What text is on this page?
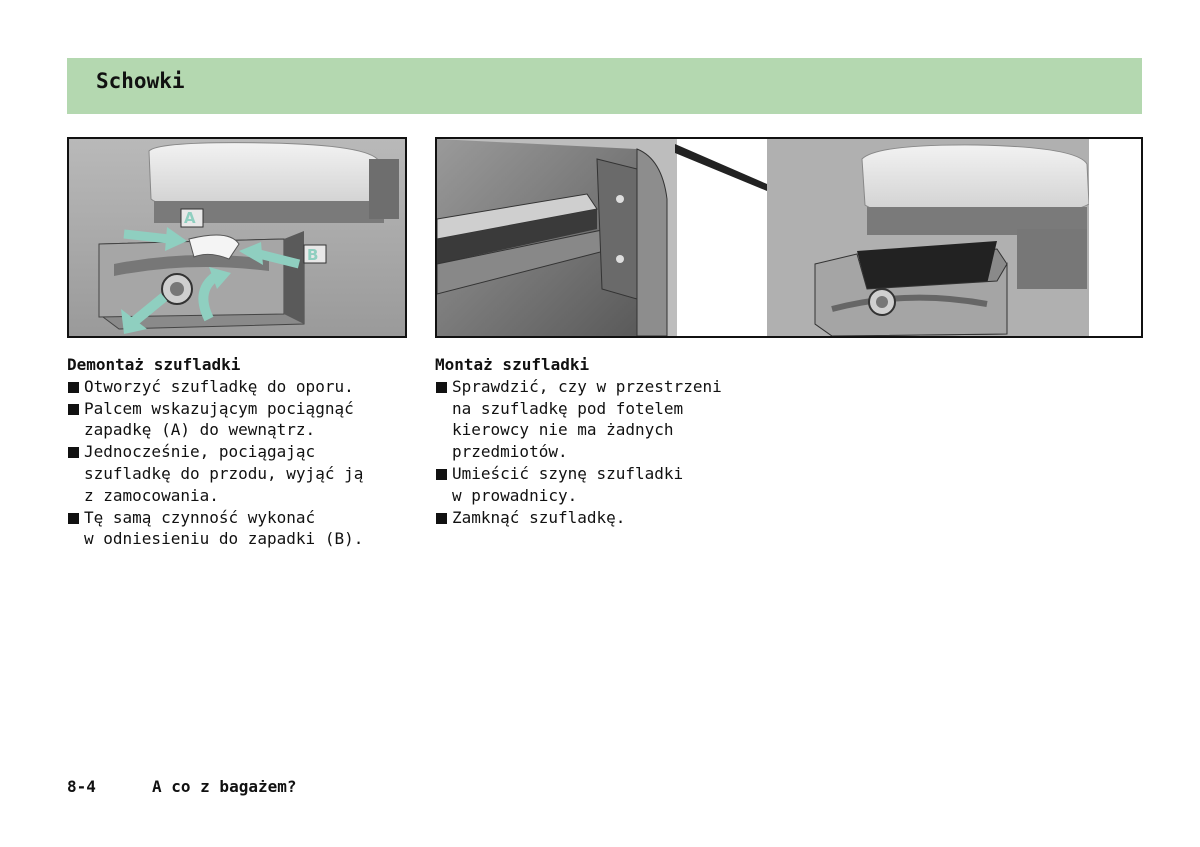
Schowki
A
B
Demontaż szufladki
Otworzyć szufladkę do oporu.
Palcem wskazującym pociągnąć
zapadkę (A) do wewnątrz.
Jednocześnie, pociągając
szufladkę do przodu, wyjąć ją
z zamocowania.
Tę samą czynność wykonać
w odniesieniu do zapadki (B).
Montaż szufladki
Sprawdzić, czy w przestrzeni
na szufladkę pod fotelem
kierowcy nie ma żadnych
przedmiotów.
Umieścić szynę szufladki
w prowadnicy.
Zamknąć szufladkę.
8-4	A co z bagażem?
